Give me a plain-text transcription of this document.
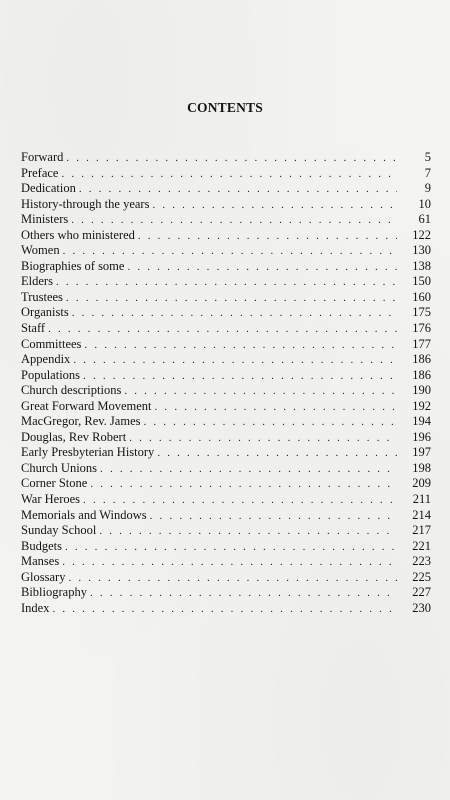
CONTENTS
Forward . . .	5
Preface . . .	7
Dedication . . .	9
History-through the years . . .	10
Ministers . . .	61
Others who ministered . . .	122
Women . . .	130
Biographies of some . . .	138
Elders . . .	150
Trustees . . .	160
Organists . . .	175
Staff . . .	176
Committees . . .	177
Appendix . . .	186
Populations . . .	186
Church descriptions . . .	190
Great Forward Movement . . .	192
MacGregor, Rev. James . . .	194
Douglas, Rev Robert . . .	196
Early Presbyterian History . . .	197
Church Unions . . .	198
Corner Stone . . .	209
War Heroes . . .	211
Memorials and Windows . . .	214
Sunday School . . .	217
Budgets . . .	221
Manses . . .	223
Glossary . . .	225
Bibliography . . .	227
Index . . .	230
